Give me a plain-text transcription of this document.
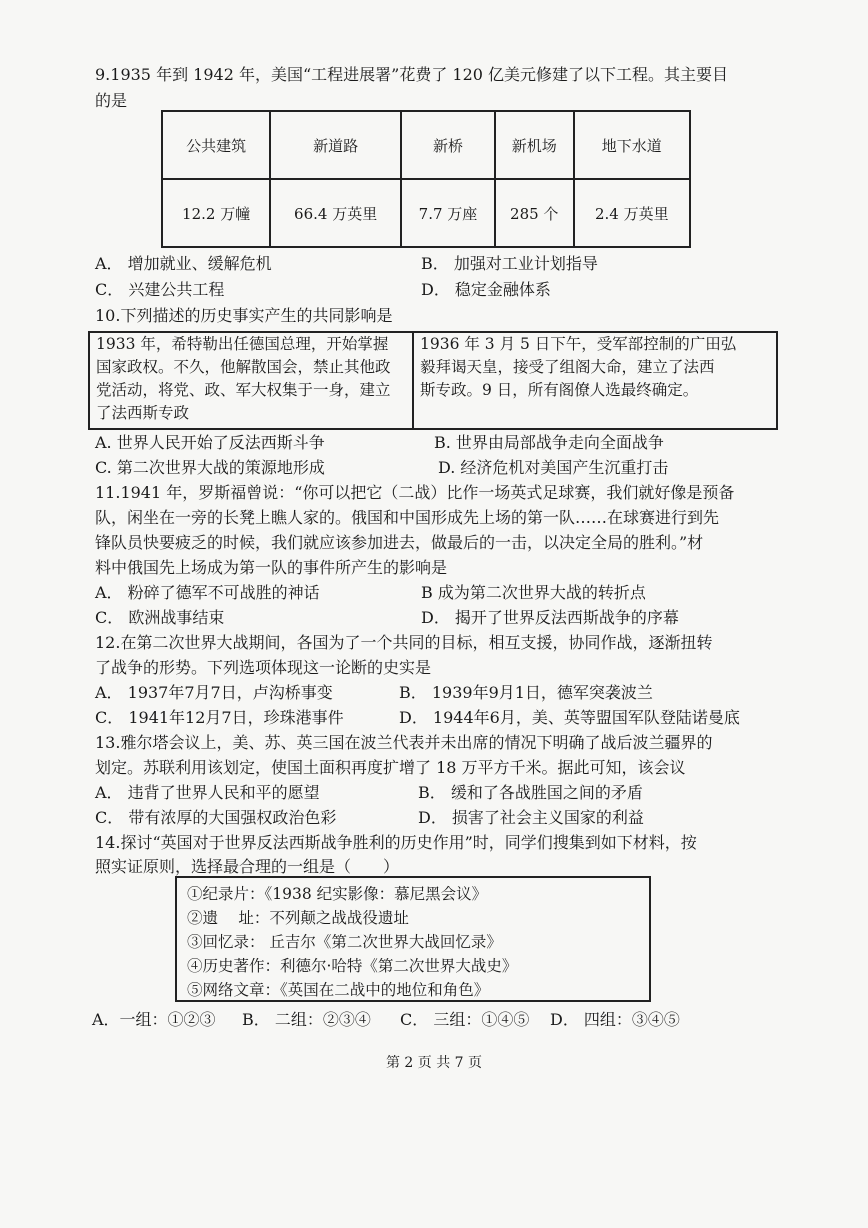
9.1935 年到 1942 年，美国“工程进展署”花费了 120 亿美元修建了以下工程。其主要目
的是
公共建筑	新道路	新桥	新机场	地下水道
12.2 万幢	66.4 万英里	7.7 万座	285 个	2.4 万英里
A． 增加就业、缓解危机	B． 加强对工业计划指导
C． 兴建公共工程	D． 稳定金融体系
10.下列描述的历史事实产生的共同影响是
1933 年，希特勒出任德国总理，开始掌握
国家政权。不久，他解散国会，禁止其他政
党活动，将党、政、军大权集于一身，建立
了法西斯专政
1936 年 3 月 5 日下午，受军部控制的广田弘
毅拜谒天皇，接受了组阁大命，建立了法西
斯专政。9 日，所有阁僚人选最终确定。
A. 世界人民开始了反法西斯斗争	B. 世界由局部战争走向全面战争
C. 第二次世界大战的策源地形成	D. 经济危机对美国产生沉重打击
11.1941 年，罗斯福曾说：“你可以把它（二战）比作一场英式足球赛，我们就好像是预备
队，闲坐在一旁的长凳上瞧人家的。俄国和中国形成先上场的第一队……在球赛进行到先
锋队员快要疲乏的时候，我们就应该参加进去，做最后的一击，以决定全局的胜利。”材
料中俄国先上场成为第一队的事件所产生的影响是
A． 粉碎了德军不可战胜的神话	B 成为第二次世界大战的转折点
C． 欧洲战事结束	D． 揭开了世界反法西斯战争的序幕
12.在第二次世界大战期间，各国为了一个共同的目标，相互支援，协同作战，逐渐扭转
了战争的形势。下列选项体现这一论断的史实是
A． 1937年7月7日，卢沟桥事变	B． 1939年9月1日，德军突袭波兰
C． 1941年12月7日，珍珠港事件	D． 1944年6月，美、英等盟国军队登陆诺曼底
13.雅尔塔会议上，美、苏、英三国在波兰代表并未出席的情况下明确了战后波兰疆界的
划定。苏联利用该划定，使国土面积再度扩增了 18 万平方千米。据此可知，该会议
A． 违背了世界人民和平的愿望	B． 缓和了各战胜国之间的矛盾
C． 带有浓厚的大国强权政治色彩	D． 损害了社会主义国家的利益
14.探讨“英国对于世界反法西斯战争胜利的历史作用”时，同学们搜集到如下材料，按
照实证原则，选择最合理的一组是（　　）
①纪录片：《1938 纪实影像：慕尼黑会议》
②遗　 址：不列颠之战战役遗址
③回忆录： 丘吉尔《第二次世界大战回忆录》
④历史著作：利德尔·哈特《第二次世界大战史》
⑤网络文章：《英国在二战中的地位和角色》
A．一组：①②③ B． 二组：②③④ C． 三组：①④⑤ D． 四组：③④⑤
第 2 页 共 7 页
